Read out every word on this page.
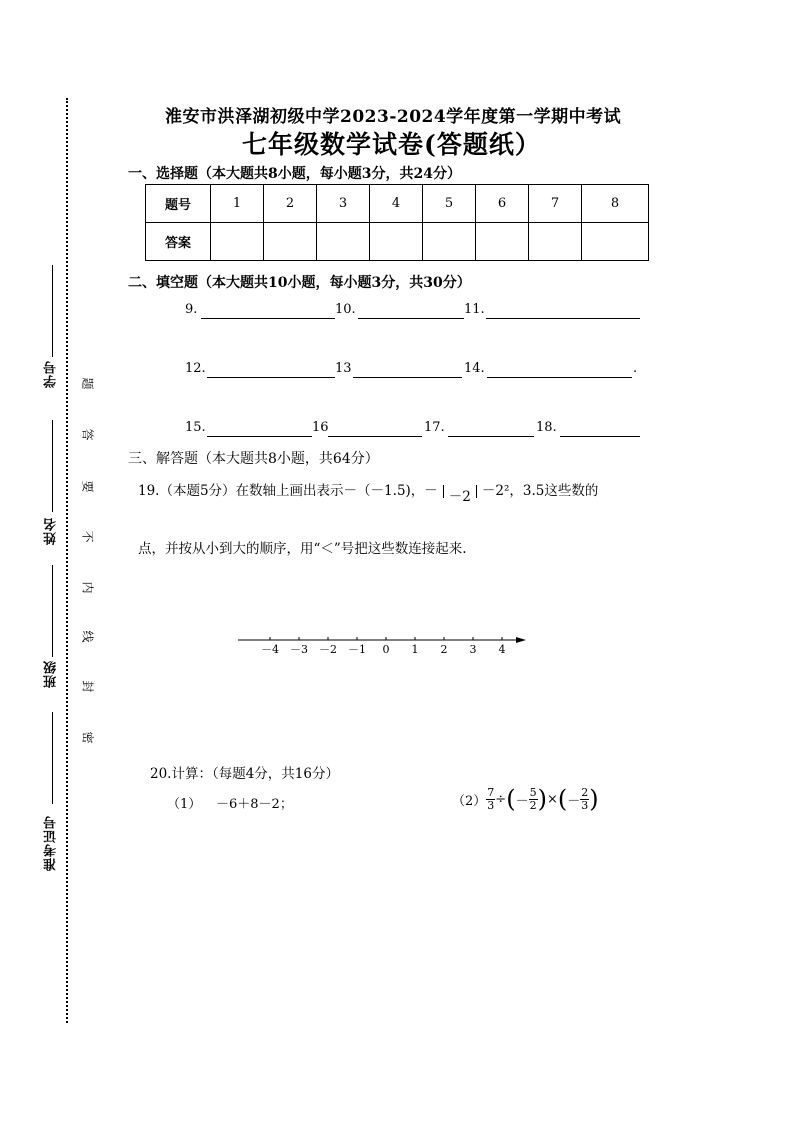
学号
姓名
班级
准考证号
题
答
要
不
内
线
封
密
淮安市洪泽湖初级中学2023-2024学年度第一学期中考试
七年级数学试卷(答题纸）
一、选择题（本大题共8小题，每小题3分，共24分）
题号	1	2	3	4	5	6	7	8
答案								
二、填空题（本大题共10小题，每小题3分，共30分）
9.	10.	11.
12.	13	14.	.
15.	16	17.	18.
三、解答题（本大题共8小题，共64分）
19.（本题5分）在数轴上画出表示－（－1.5)，－ －2 －2²，3.5这些数的
点，并按从小到大的顺序，用“＜”号把这些数连接起来.
－4 －3 －2 －1 0 1 2 3 4
20.计算：（每题4分，共16分）
（1） －6＋8－2；	$(2) \frac{7}{3}$ ÷ ( － $\frac{5}{2}$ ) × ( － $\frac{2}{3}$ )
